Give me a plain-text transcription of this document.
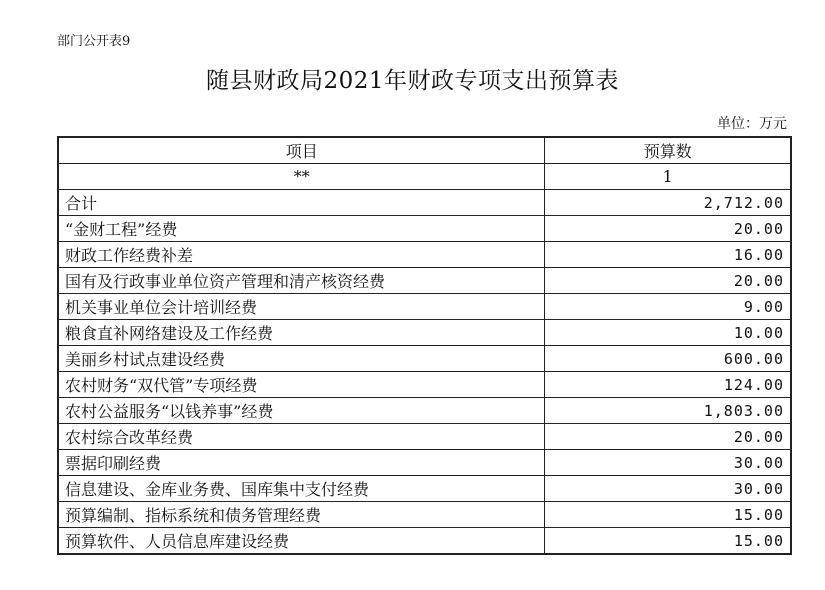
部门公开表9
随县财政局2021年财政专项支出预算表
单位：万元
项目	预算数
**	1
合计	2,712.00
“金财工程”经费	20.00
财政工作经费补差	16.00
国有及行政事业单位资产管理和清产核资经费	20.00
机关事业单位会计培训经费	9.00
粮食直补网络建设及工作经费	10.00
美丽乡村试点建设经费	600.00
农村财务“双代管”专项经费	124.00
农村公益服务“以钱养事”经费	1,803.00
农村综合改革经费	20.00
票据印刷经费	30.00
信息建设、金库业务费、国库集中支付经费	30.00
预算编制、指标系统和债务管理经费	15.00
预算软件、人员信息库建设经费	15.00
